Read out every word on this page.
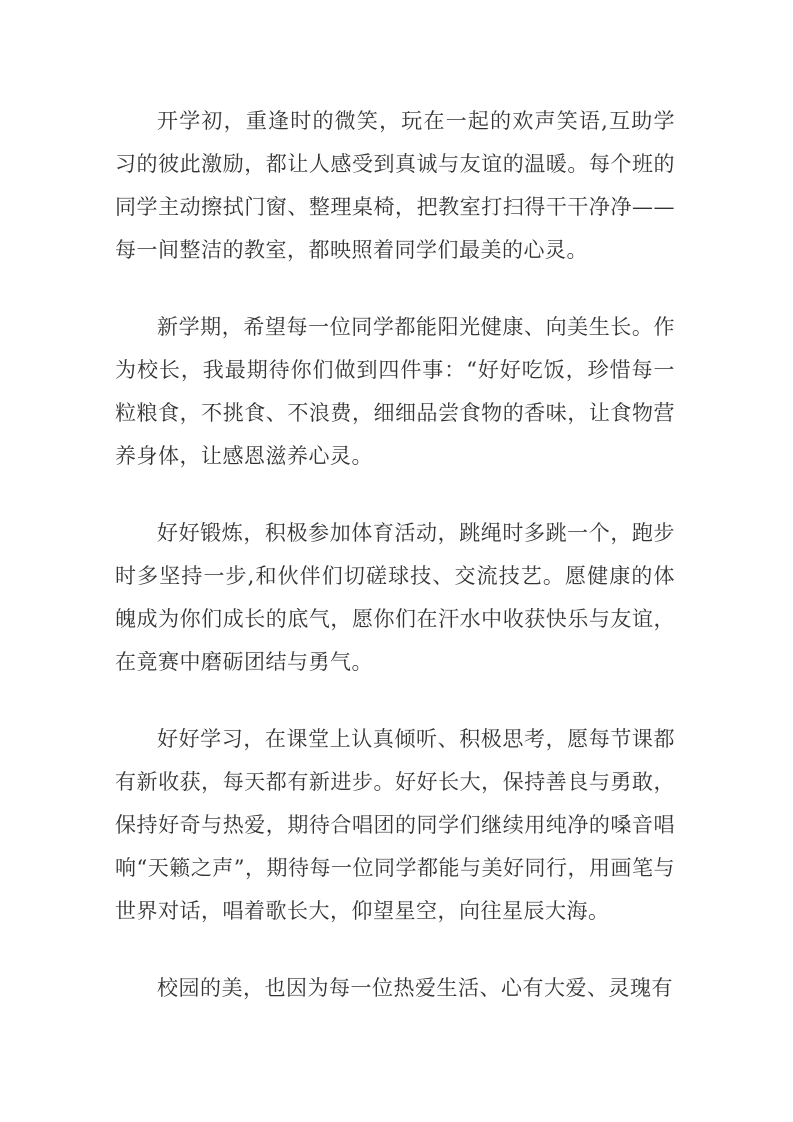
开学初，重逢时的微笑，玩在一起的欢声笑语,互助学习的彼此激励，都让人感受到真诚与友谊的温暖。每个班的同学主动擦拭门窗、整理桌椅，把教室打扫得干干净净——每一间整洁的教室，都映照着同学们最美的心灵。

新学期，希望每一位同学都能阳光健康、向美生长。作为校长，我最期待你们做到四件事：“好好吃饭，珍惜每一粒粮食，不挑食、不浪费，细细品尝食物的香味，让食物营养身体，让感恩滋养心灵。

好好锻炼，积极参加体育活动，跳绳时多跳一个，跑步时多坚持一步,和伙伴们切磋球技、交流技艺。愿健康的体魄成为你们成长的底气，愿你们在汗水中收获快乐与友谊，在竟赛中磨砺团结与勇气。

好好学习，在课堂上认真倾听、积极思考，愿每节课都有新收获，每天都有新进步。好好长大，保持善良与勇敢，保持好奇与热爱，期待合唱团的同学们继续用纯净的嗓音唱响“天籁之声”，期待每一位同学都能与美好同行，用画笔与世界对话，唱着歌长大，仰望星空，向往星辰大海。

校园的美，也因为每一位热爱生活、心有大爱、灵瑰有
